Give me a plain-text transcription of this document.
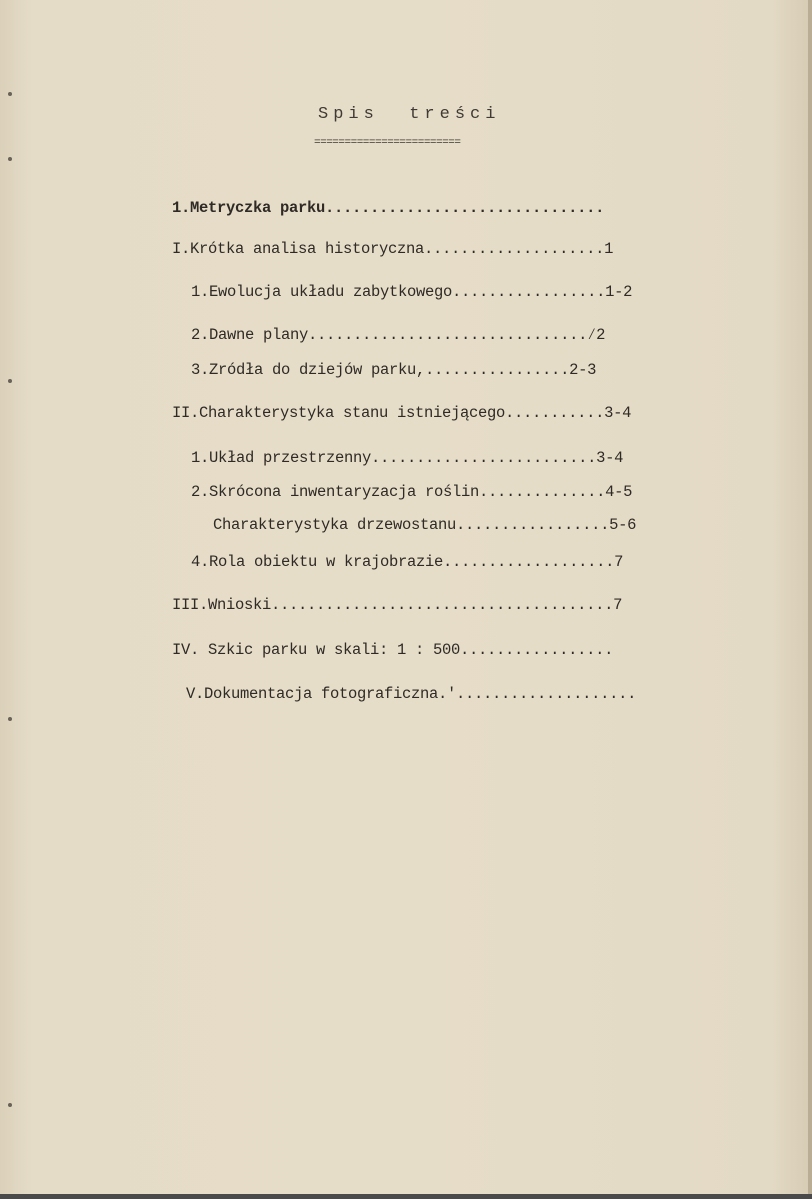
Spis  treści
========================
1.Metryczka parku...............................
I.Krótka analisa historyczna....................1
1.Ewolucja układu zabytkowego.................1-2
2.Dawne plany...............................⁄2
3.Zródła do dziejów parku,................2-3
II.Charakterystyka stanu istniejącego...........3-4
1.Układ przestrzenny.........................3-4
2.Skrócona inwentaryzacja roślin..............4-5
Charakterystyka drzewostanu.................5-6
4.Rola obiektu w krajobrazie...................7
III.Wnioski......................................7
IV. Szkic parku w skali: 1 : 500.................
V.Dokumentacja fotograficzna.'....................
